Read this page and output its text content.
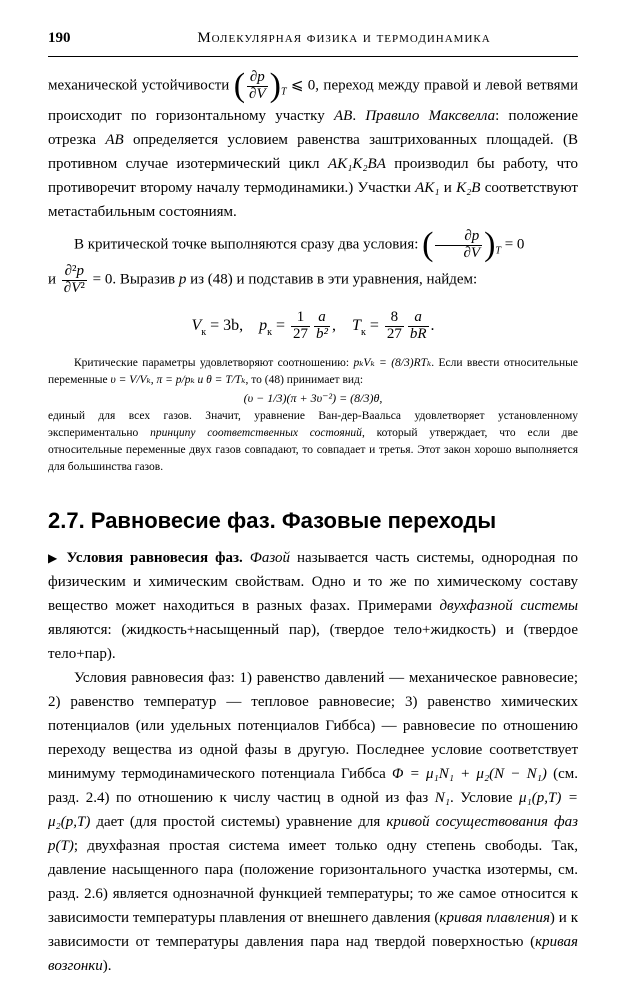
190	Молекулярная физика и термодинамика

механической устойчивости ( $\frac{\partial p}{\partial V} )_T$ ⩽ 0, переход между правой и левой ветвями происходит по горизонтальному участку AB. Правило Максвелла: положение отрезка AB определяется условием равенства заштрихованных площадей. (В противном случае изотермический цикл AK₁K₂BA производил бы работу, что противоречит второму началу термодинамики.) Участки AK₁ и K₂B соответствуют метастабильным состояниям.

В критической точке выполняются сразу два условия: ( $\frac{\partial p}{\partial V} )_T = 0$

и $\frac{\text{∂²p}}{\text{∂V²}} = 0$. Выразив p из (48) и подставив в эти уравнения, найдем:

$V_к = 3b$, $p_к = \frac{1}{27} \frac{a}{\text{b²}}$ ,    $T_к = \frac{8}{27} \frac{a}{bR}$ .

Критические параметры удовлетворяют соотношению: pₖVₖ = (8/3)RTₖ. Если ввести относительные переменные υ = V/Vₖ, π = p/pₖ и θ = T/Tₖ, то (48) принимает вид:

(υ − 1/3)(π + 3υ⁻²) = (8/3)θ,

единый для всех газов. Значит, уравнение Ван-дер-Ваальса удовлетворяет установленному экспериментально принципу соответственных состояний, который утверждает, что если две относительные переменные двух газов совпадают, то совпадает и третья. Этот закон хорошо выполняется для большинства газов.

2.7. Равновесие фаз. Фазовые переходы

▶ Условия равновесия фаз. Фазой называется часть системы, однородная по физическим и химическим свойствам. Одно и то же по химическому составу вещество может находиться в разных фазах. Примерами двухфазной системы являются: (жидкость+насыщенный пар), (твердое тело+жидкость) и (твердое тело+пар).

Условия равновесия фаз: 1) равенство давлений — механическое равновесие; 2) равенство температур — тепловое равновесие; 3) равенство химических потенциалов (или удельных потенциалов Гиббса) — равновесие по отношению переходу вещества из одной фазы в другую. Последнее условие соответствует минимуму термодинамического потенциала Гиббса Φ = μ₁N₁ + μ₂(N − N₁) (см. разд. 2.4) по отношению к числу частиц в одной из фаз N₁. Условие μ₁(p,T) = μ₂(p,T) дает (для простой системы) уравнение для кривой сосуществования фаз p(T); двухфазная простая система имеет только одну степень свободы. Так, давление насыщенного пара (положение горизонтального участка изотермы, см. разд. 2.6) является однозначной функцией температуры; то же самое относится к зависимости температуры плавления от внешнего давления (кривая плавления) и к зависимости от температуры давления пара над твердой поверхностью (кривая возгонки).
